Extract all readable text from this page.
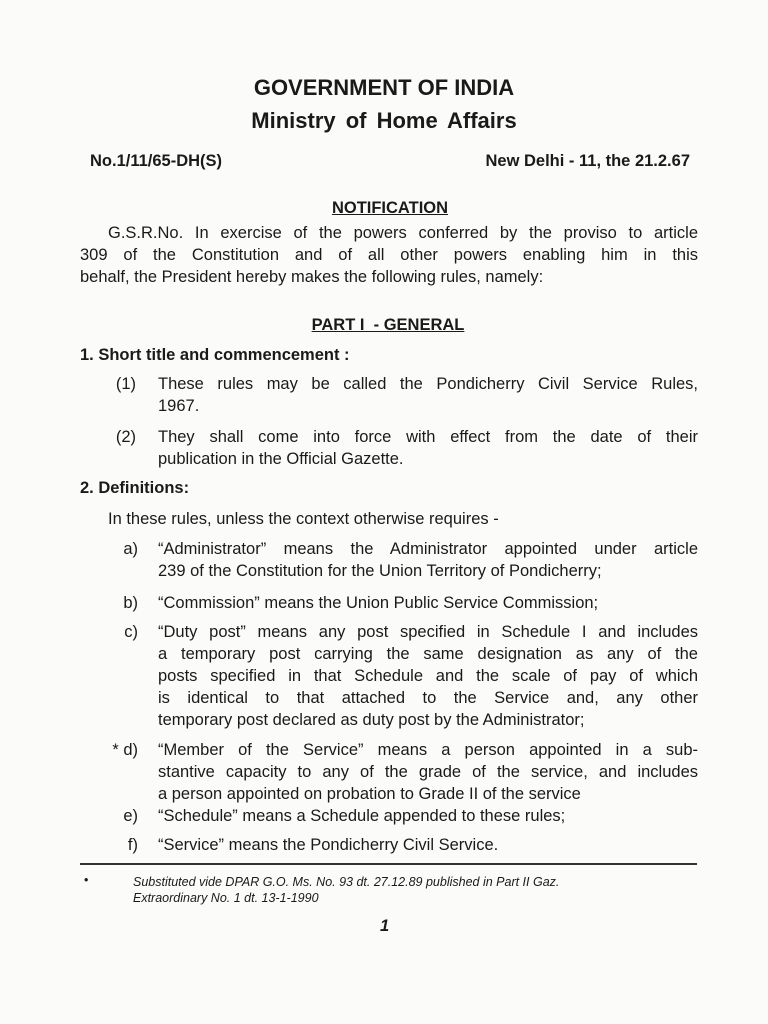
GOVERNMENT OF INDIA
Ministry of Home Affairs
No.1/11/65-DH(S)	New Delhi - 11, the 21.2.67
NOTIFICATION
G.S.R.No. In exercise of the powers conferred by the proviso to article
309 of the Constitution and of all other powers enabling him in this
behalf, the President hereby makes the following rules, namely:
PART I  - GENERAL
1. Short title and commencement :
(1) These rules may be called the Pondicherry Civil Service Rules,
1967.
(2) They shall come into force with effect from the date of their
publication in the Official Gazette.
2. Definitions:
In these rules, unless the context otherwise requires -
a) “Administrator” means the Administrator appointed under article
239 of the Constitution for the Union Territory of Pondicherry;
b) “Commission” means the Union Public Service Commission;
c) “Duty post” means any post specified in Schedule I and includes
a temporary post carrying the same designation as any of the
posts specified in that Schedule and the scale of pay of which
is identical to that attached to the Service and, any other
temporary post declared as duty post by the Administrator;
* d) “Member of the Service” means a person appointed in a sub-
stantive capacity to any of the grade of the service, and includes
a person appointed on probation to Grade II of the service
e) “Schedule” means a Schedule appended to these rules;
f) “Service” means the Pondicherry Civil Service.
•	Substituted vide DPAR G.O. Ms. No. 93 dt. 27.12.89 published in Part II Gaz.
Extraordinary No. 1 dt. 13-1-1990
1
